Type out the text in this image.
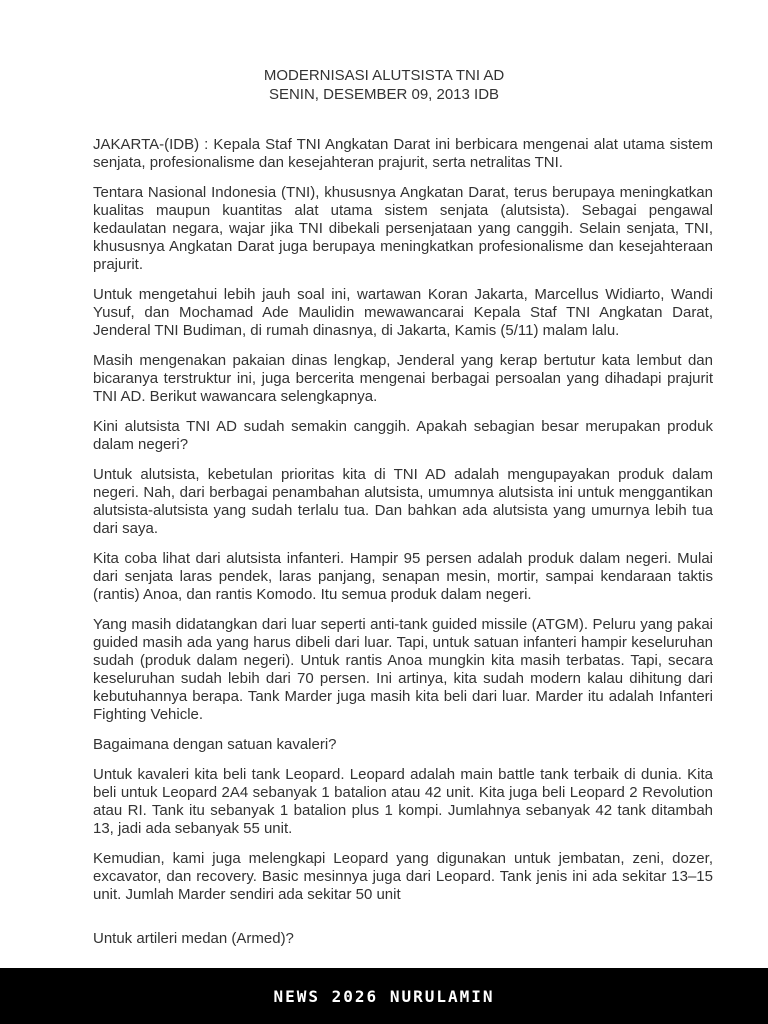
MODERNISASI ALUTSISTA TNI AD
SENIN, DESEMBER 09, 2013 IDB

JAKARTA-(IDB) : Kepala Staf TNI Angkatan Darat ini berbicara mengenai alat utama sistem senjata, profesionalisme dan kesejahteran prajurit, serta netralitas TNI.

Tentara Nasional Indonesia (TNI), khususnya Angkatan Darat, terus berupaya meningkatkan kualitas maupun kuantitas alat utama sistem senjata (alutsista). Sebagai pengawal kedaulatan negara, wajar jika TNI dibekali persenjataan yang canggih. Selain senjata, TNI, khususnya Angkatan Darat juga berupaya meningkatkan profesionalisme dan kesejahteraan prajurit.

Untuk mengetahui lebih jauh soal ini, wartawan Koran Jakarta, Marcellus Widiarto, Wandi Yusuf, dan Mochamad Ade Maulidin mewawancarai Kepala Staf TNI Angkatan Darat, Jenderal TNI Budiman, di rumah dinasnya, di Jakarta, Kamis (5/11) malam lalu.

Masih mengenakan pakaian dinas lengkap, Jenderal yang kerap bertutur kata lembut dan bicaranya terstruktur ini, juga bercerita mengenai berbagai persoalan yang dihadapi prajurit TNI AD. Berikut wawancara selengkapnya.

Kini alutsista TNI AD sudah semakin canggih. Apakah sebagian besar merupakan produk dalam negeri?

Untuk alutsista, kebetulan prioritas kita di TNI AD adalah mengupayakan produk dalam negeri. Nah, dari berbagai penambahan alutsista, umumnya alutsista ini untuk menggantikan alutsista-alutsista yang sudah terlalu tua. Dan bahkan ada alutsista yang umurnya lebih tua dari saya.

Kita coba lihat dari alutsista infanteri. Hampir 95 persen adalah produk dalam negeri. Mulai dari senjata laras pendek, laras panjang, senapan mesin, mortir, sampai kendaraan taktis (rantis) Anoa, dan rantis Komodo. Itu semua produk dalam negeri.

Yang masih didatangkan dari luar seperti anti-tank guided missile (ATGM). Peluru yang pakai guided masih ada yang harus dibeli dari luar. Tapi, untuk satuan infanteri hampir keseluruhan sudah (produk dalam negeri). Untuk rantis Anoa mungkin kita masih terbatas. Tapi, secara keseluruhan sudah lebih dari 70 persen. Ini artinya, kita sudah modern kalau dihitung dari kebutuhannya berapa. Tank Marder juga masih kita beli dari luar. Marder itu adalah Infanteri Fighting Vehicle.

Bagaimana dengan satuan kavaleri?

Untuk kavaleri kita beli tank Leopard. Leopard adalah main battle tank terbaik di dunia. Kita beli untuk Leopard 2A4 sebanyak 1 batalion atau 42 unit. Kita juga beli Leopard 2 Revolution atau RI. Tank itu sebanyak 1 batalion plus 1 kompi. Jumlahnya sebanyak 42 tank ditambah 13, jadi ada sebanyak 55 unit.

Kemudian, kami juga melengkapi Leopard yang digunakan untuk jembatan, zeni, dozer, excavator, dan recovery. Basic mesinnya juga dari Leopard. Tank jenis ini ada sekitar 13–15 unit. Jumlah Marder sendiri ada sekitar 50 unit

Untuk artileri medan (Armed)?

NEWS 2026 NURULAMIN
